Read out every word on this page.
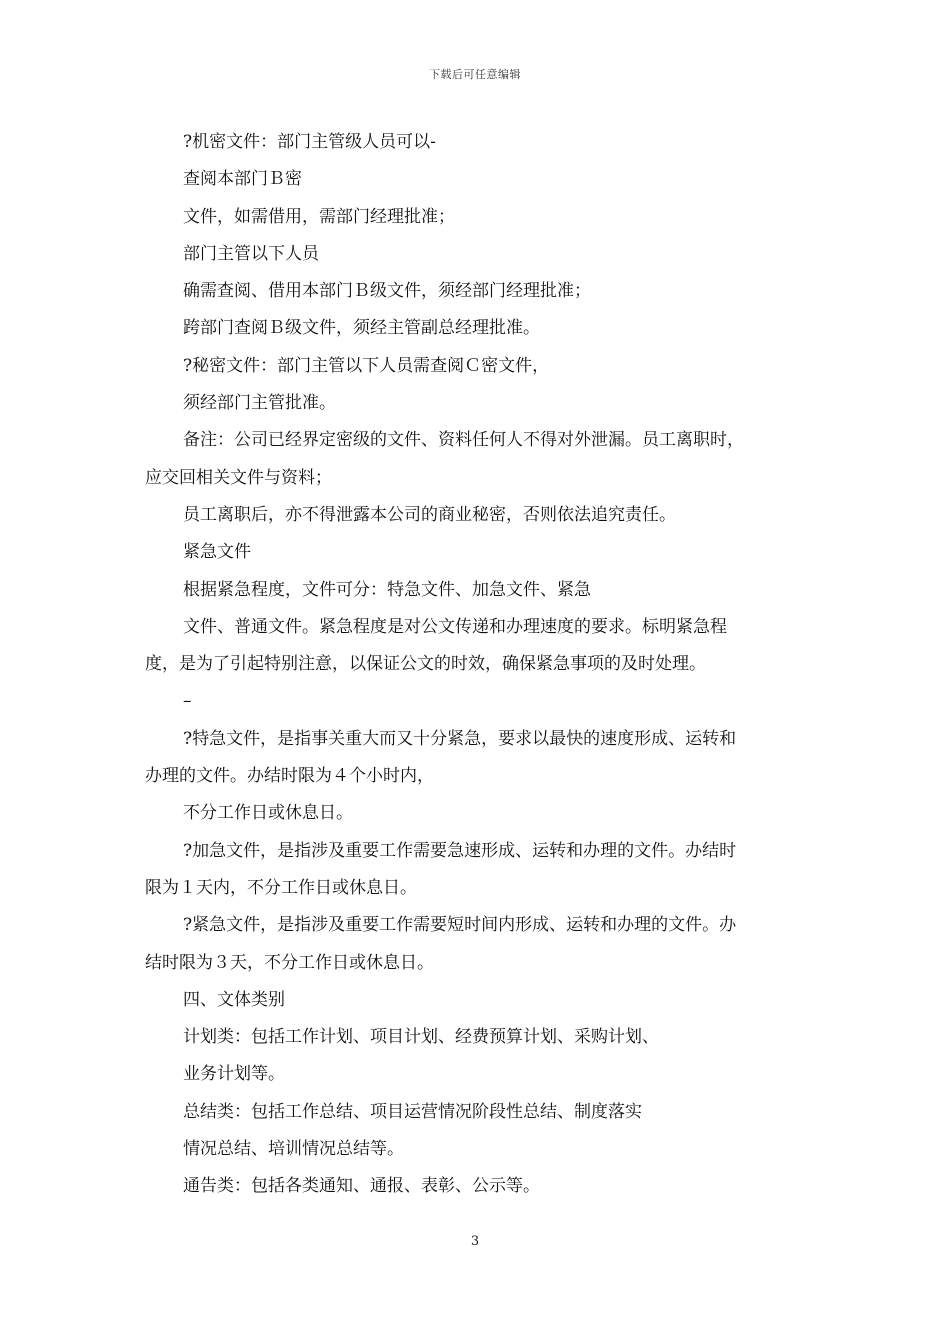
下载后可任意编辑

?机密文件：部门主管级人员可以-

查阅本部门Ｂ密

文件，如需借用，需部门经理批准；

部门主管以下人员

确需查阅、借用本部门Ｂ级文件，须经部门经理批准；

跨部门查阅Ｂ级文件，须经主管副总经理批准。

?秘密文件：部门主管以下人员需查阅Ｃ密文件，

须经部门主管批准。

备注：公司已经界定密级的文件、资料任何人不得对外泄漏。员工离职时，

应交回相关文件与资料；

员工离职后，亦不得泄露本公司的商业秘密，否则依法追究责任。

紧急文件

根据紧急程度，文件可分：特急文件、加急文件、紧急

文件、普通文件。紧急程度是对公文传递和办理速度的要求。标明紧急程

度，是为了引起特别注意，以保证公文的时效，确保紧急事项的及时处理。

–

?特急文件，是指事关重大而又十分紧急，要求以最快的速度形成、运转和

办理的文件。办结时限为４个小时内，

不分工作日或休息日。

?加急文件，是指涉及重要工作需要急速形成、运转和办理的文件。办结时

限为１天内，不分工作日或休息日。

?紧急文件，是指涉及重要工作需要短时间内形成、运转和办理的文件。办

结时限为３天，不分工作日或休息日。

四、文体类别

计划类：包括工作计划、项目计划、经费预算计划、采购计划、

业务计划等。

总结类：包括工作总结、项目运营情况阶段性总结、制度落实

情况总结、培训情况总结等。

通告类：包括各类通知、通报、表彰、公示等。

3
